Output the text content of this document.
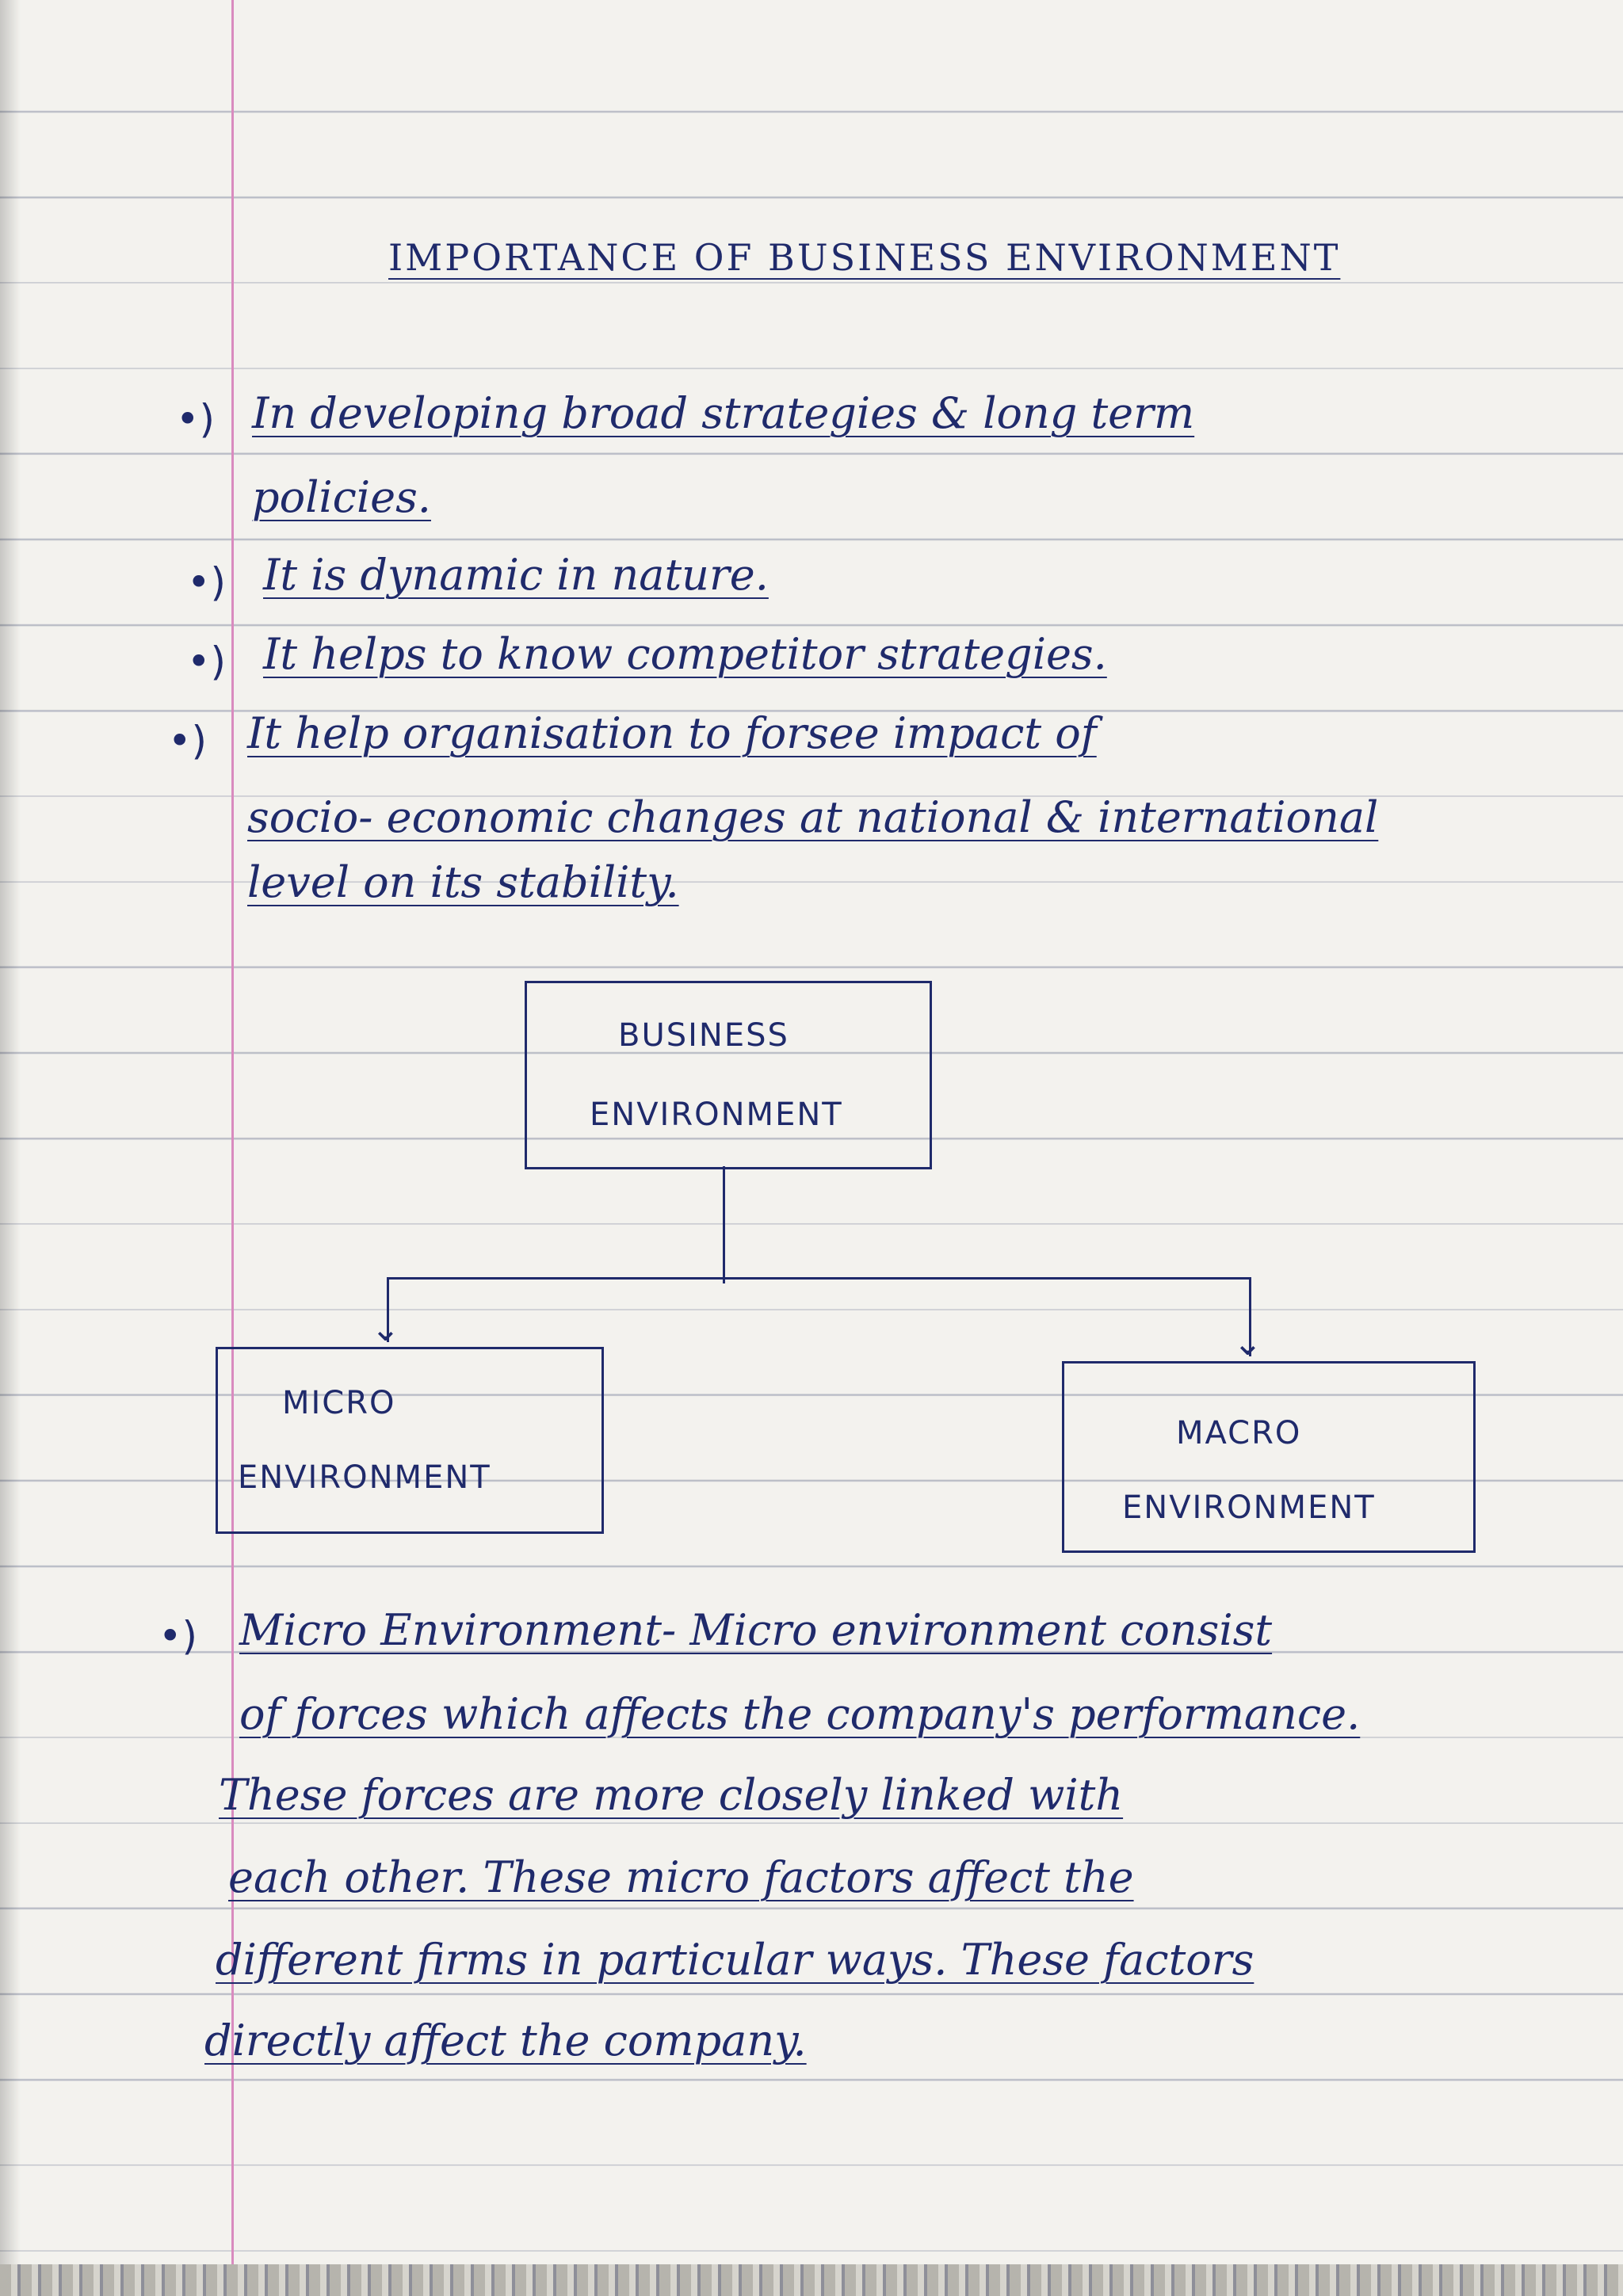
IMPORTANCE OF BUSINESS ENVIRONMENT
•) In developing broad strategies & long term
policies.
•) It is dynamic in nature.
•) It helps to know competitor strategies.
•) It help organisation to forsee impact of
socio- economic changes at national & international
level on its stability.
BUSINESS
ENVIRONMENT
⌄	⌄
MICRO
ENVIRONMENT
MACRO
ENVIRONMENT
•) Micro Environment- Micro environment consist
of forces which affects the company's performance.
These forces are more closely linked with
each other. These micro factors affect the
different firms in particular ways. These factors
directly affect the company.
